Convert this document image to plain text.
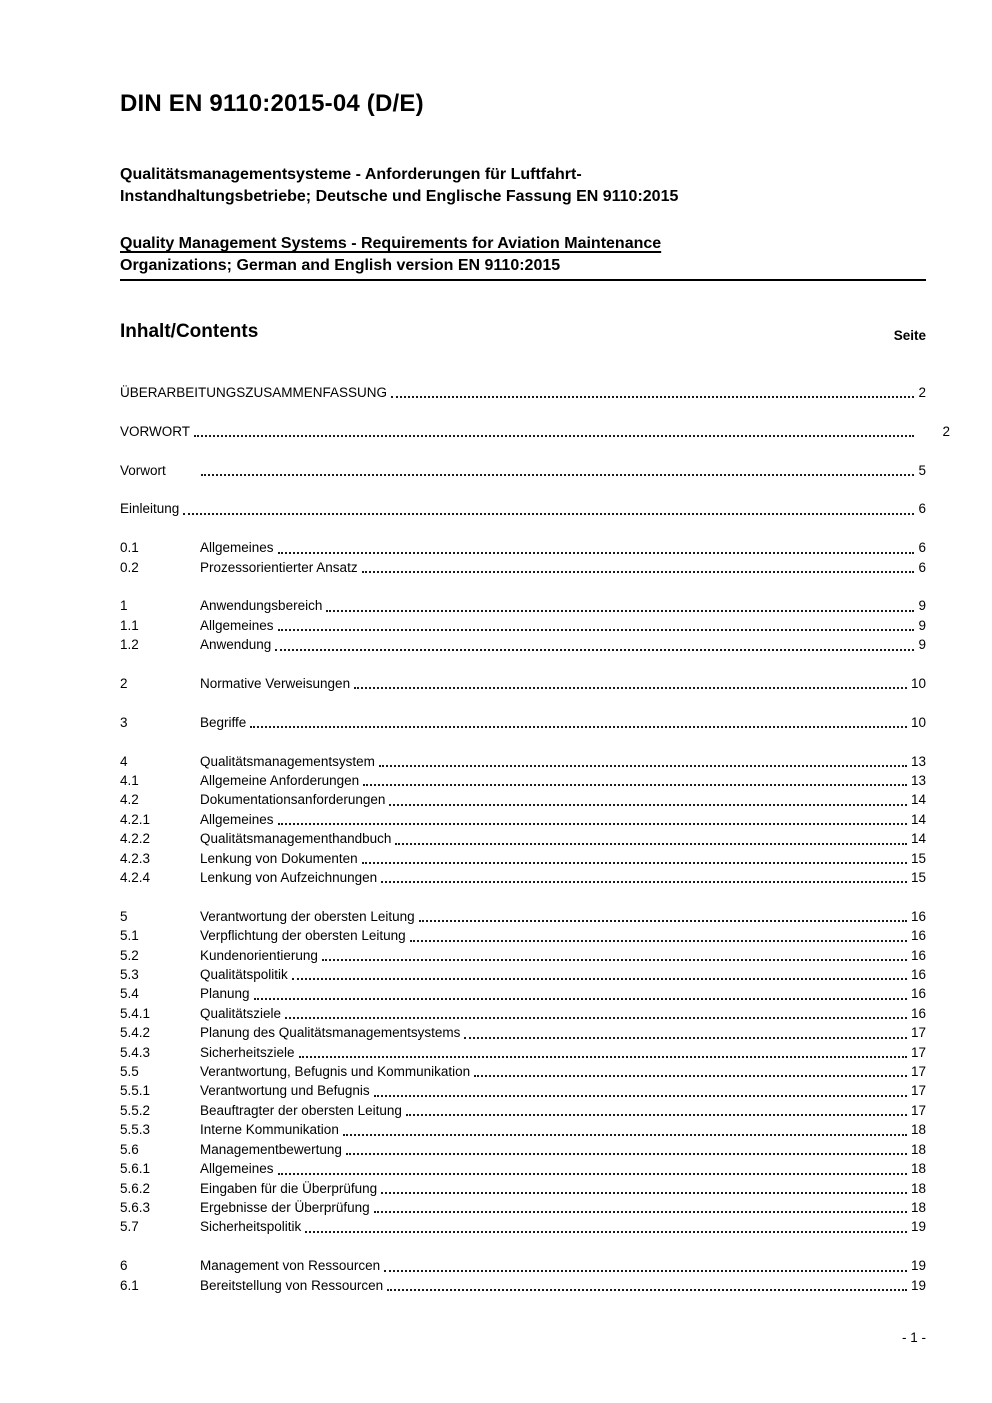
DIN EN 9110:2015-04 (D/E)

Qualitätsmanagementsysteme - Anforderungen für Luftfahrt-
Instandhaltungsbetriebe; Deutsche und Englische Fassung EN 9110:2015

Quality Management Systems - Requirements for Aviation Maintenance
Organizations; German and English version EN 9110:2015

Inhalt/Contents	Seite
ÜBERARBEITUNGSZUSAMMENFASSUNG	2
VORWORT	2
Vorwort	5
Einleitung	6
0.1	Allgemeines	6
0.2	Prozessorientierter Ansatz	6
1	Anwendungsbereich	9
1.1	Allgemeines	9
1.2	Anwendung	9
2	Normative Verweisungen	10
3	Begriffe	10
4	Qualitätsmanagementsystem	13
4.1	Allgemeine Anforderungen	13
4.2	Dokumentationsanforderungen	14
4.2.1	Allgemeines	14
4.2.2	Qualitätsmanagementhandbuch	14
4.2.3	Lenkung von Dokumenten	15
4.2.4	Lenkung von Aufzeichnungen	15
5	Verantwortung der obersten Leitung	16
5.1	Verpflichtung der obersten Leitung	16
5.2	Kundenorientierung	16
5.3	Qualitätspolitik	16
5.4	Planung	16
5.4.1	Qualitätsziele	16
5.4.2	Planung des Qualitätsmanagementsystems	17
5.4.3	Sicherheitsziele	17
5.5	Verantwortung, Befugnis und Kommunikation	17
5.5.1	Verantwortung und Befugnis	17
5.5.2	Beauftragter der obersten Leitung	17
5.5.3	Interne Kommunikation	18
5.6	Managementbewertung	18
5.6.1	Allgemeines	18
5.6.2	Eingaben für die Überprüfung	18
5.6.3	Ergebnisse der Überprüfung	18
5.7	Sicherheitspolitik	19
6	Management von Ressourcen	19
6.1	Bereitstellung von Ressourcen	19
- 1 -
